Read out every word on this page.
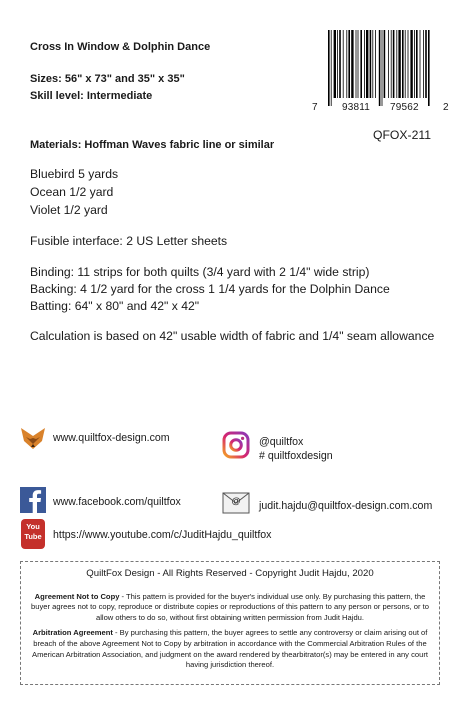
Cross In Window & Dolphin Dance
Sizes: 56" x 73" and 35" x 35"
Skill level: Intermediate
7 93811 79562 2
QFOX-211
Materials: Hoffman Waves fabric line or similar
Bluebird 5 yards
Ocean 1/2 yard
Violet 1/2 yard
Fusible interface: 2 US Letter sheets
Binding: 11 strips for both quilts (3/4 yard with 2 1/4" wide strip)
Backing: 4 1/2 yard for the cross 1 1/4 yards for the Dolphin Dance
Batting: 64" x 80" and 42" x 42"
Calculation is based on 42" usable width of fabric and 1/4" seam allowance
www.quiltfox-design.com
www.facebook.com/quiltfox
You Tube	https://www.youtube.com/c/JuditHajdu_quiltfox
@quiltfox
# quiltfoxdesign
@	judit.hajdu@quiltfox-design.com.com

QuiltFox Design - All Rights Reserved - Copyright Judit Hajdu, 2020

Agreement Not to Copy - This pattern is provided for the buyer's individual use only. By purchasing this pattern, the buyer agrees not to copy, reproduce or distribute copies or reproductions of this pattern to any person or persons, or to allow others to do so, without first obtaining written permission from Judit Hajdu.

Arbitration Agreement - By purchasing this pattern, the buyer agrees to settle any controversy or claim arising out of breach of the above Agreement Not to Copy by arbitration in accordance with the Commercial Arbitration Rules of the American Arbitration Association, and judgment on the award rendered by thearbitrator(s) may be entered in any court having jurisdiction thereof.
